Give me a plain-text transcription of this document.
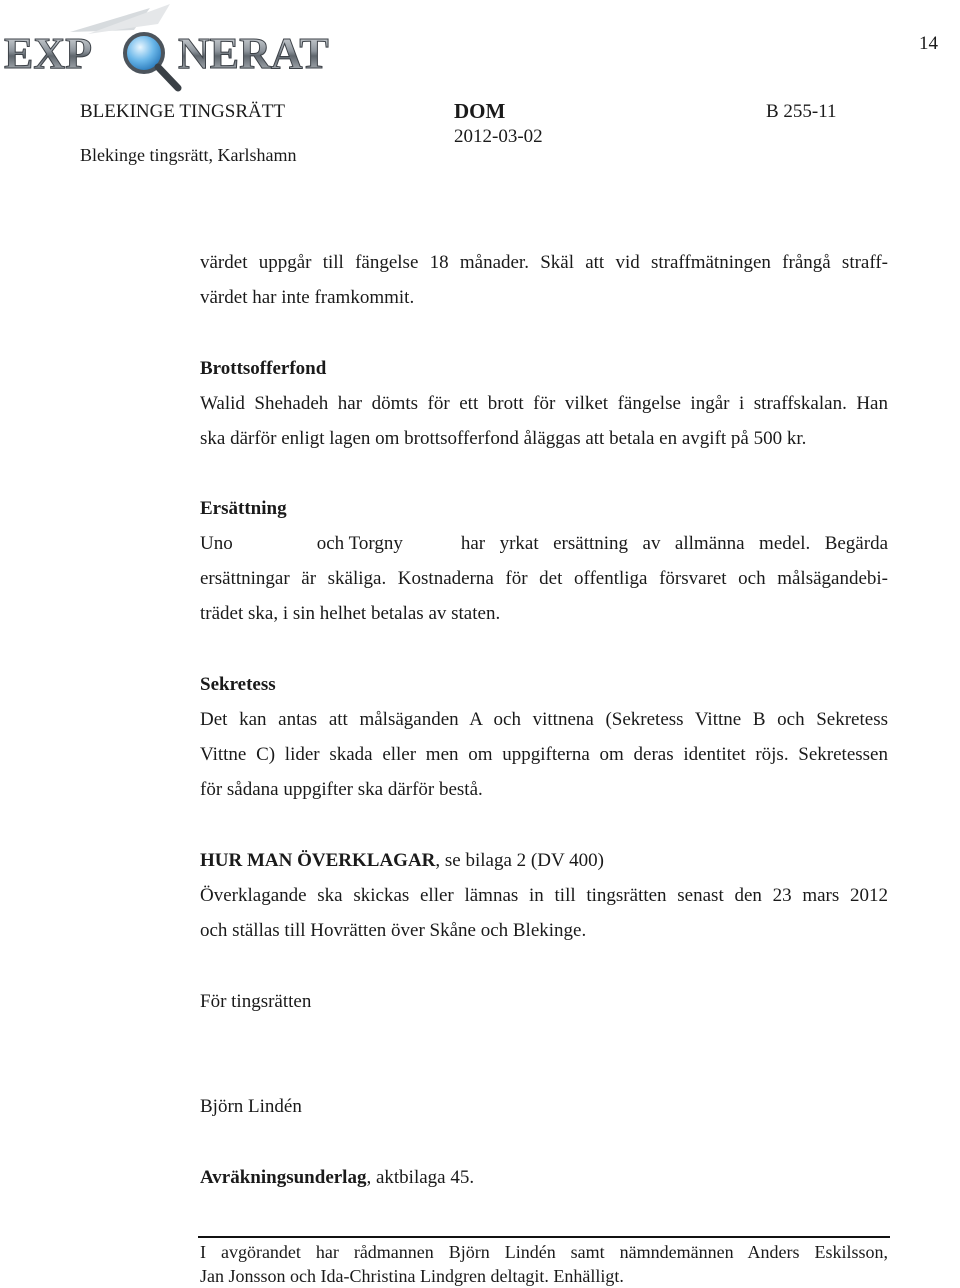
EXP NERAT	14
BLEKINGE TINGSRÄTT	DOM
2012-03-02
B 255-11
Blekinge tingsrätt, Karlshamn
värdet uppgår till fängelse 18 månader. Skäl att vid straffmätningen frångå straff-
värdet har inte framkommit.
Brottsofferfond
Walid Shehadeh har dömts för ett brott för vilket fängelse ingår i straffskalan. Han
ska därför enligt lagen om brottsofferfond åläggas att betala en avgift på 500 kr.
Ersättning
Uno	och Torgny	har yrkat ersättning av allmänna medel. Begärda
ersättningar är skäliga. Kostnaderna för det offentliga försvaret och målsägandebi-
trädet ska, i sin helhet betalas av staten.
Sekretess
Det kan antas att målsäganden A och vittnena (Sekretess Vittne B och Sekretess
Vittne C) lider skada eller men om uppgifterna om deras identitet röjs. Sekretessen
för sådana uppgifter ska därför bestå.
HUR MAN ÖVERKLAGAR, se bilaga 2 (DV 400)
Överklagande ska skickas eller lämnas in till tingsrätten senast den 23 mars 2012
och ställas till Hovrätten över Skåne och Blekinge.
För tingsrätten
Björn Lindén
Avräkningsunderlag, aktbilaga 45.
I avgörandet har rådmannen Björn Lindén samt nämndemännen Anders Eskilsson,
Jan Jonsson och Ida-Christina Lindgren deltagit. Enhälligt.
